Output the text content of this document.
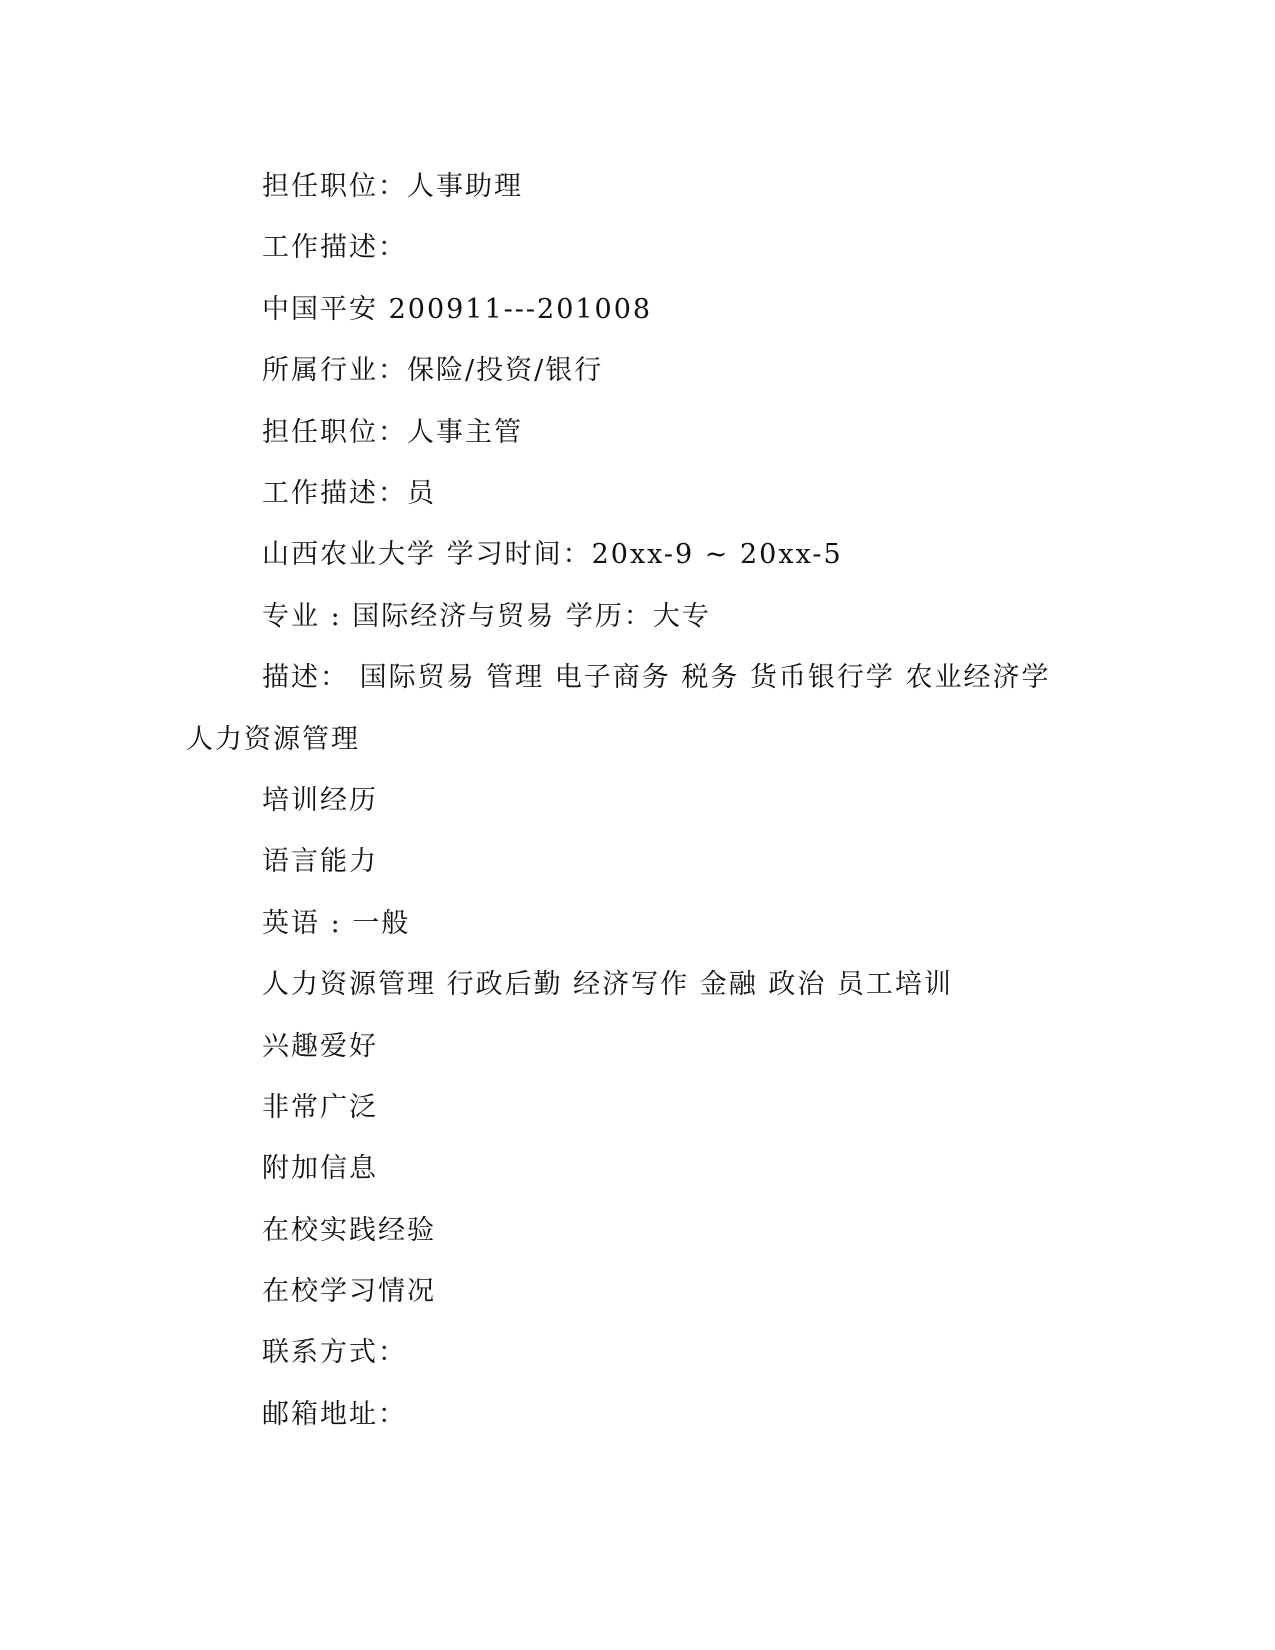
担任职位：人事助理

工作描述：

中国平安 200911---201008

所属行业：保险/投资/银行

担任职位：人事主管

工作描述：员

山西农业大学 学习时间：20xx-9 ~ 20xx-5

专业 : 国际经济与贸易 学历：大专

描述： 国际贸易 管理 电子商务 税务 货币银行学 农业经济学 人力资源管理

培训经历

语言能力

英语 : 一般

人力资源管理 行政后勤 经济写作 金融 政治 员工培训

兴趣爱好

非常广泛

附加信息

在校实践经验

在校学习情况

联系方式：

邮箱地址：
